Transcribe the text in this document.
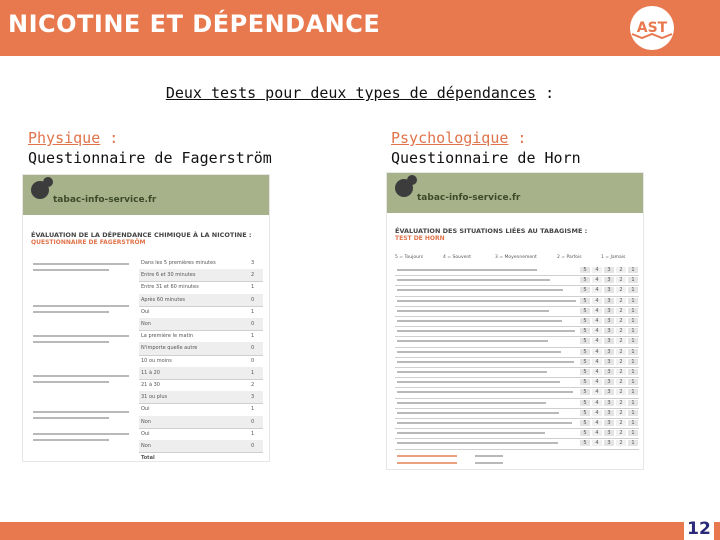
NICOTINE ET DÉPENDANCE	AST
Deux tests pour deux types de dépendances :
Physique :
Questionnaire de Fagerström
Psychologique :
Questionnaire de Horn
tabac-info-service.fr
ÉVALUATION DE LA DÉPENDANCE CHIMIQUE À LA NICOTINE :
QUESTIONNAIRE DE FAGERSTRÖM
Dans les 5 premières minutes	3
Entre 6 et 30 minutes	2
Entre 31 et 60 minutes	1
Après 60 minutes	0
Oui	1
Non	0
La première le matin	1
N'importe quelle autre	0
10 ou moins	0
11 à 20	1
21 à 30	2
31 ou plus	3
Oui	1
Non	0
Oui	1
Non	0
Total
tabac-info-service.fr
ÉVALUATION DES SITUATIONS LIÉES AU TABAGISME :
TEST DE HORN
5 = Toujours	4 = Souvent	3 = Moyennement	2 = Parfois	1 = Jamais
5	4	3	2	1
5	4	3	2	1
5	4	3	2	1
5	4	3	2	1
5	4	3	2	1
5	4	3	2	1
5	4	3	2	1
5	4	3	2	1
5	4	3	2	1
5	4	3	2	1
5	4	3	2	1
5	4	3	2	1
5	4	3	2	1
5	4	3	2	1
5	4	3	2	1
5	4	3	2	1
5	4	3	2	1
5	4	3	2	1
12
